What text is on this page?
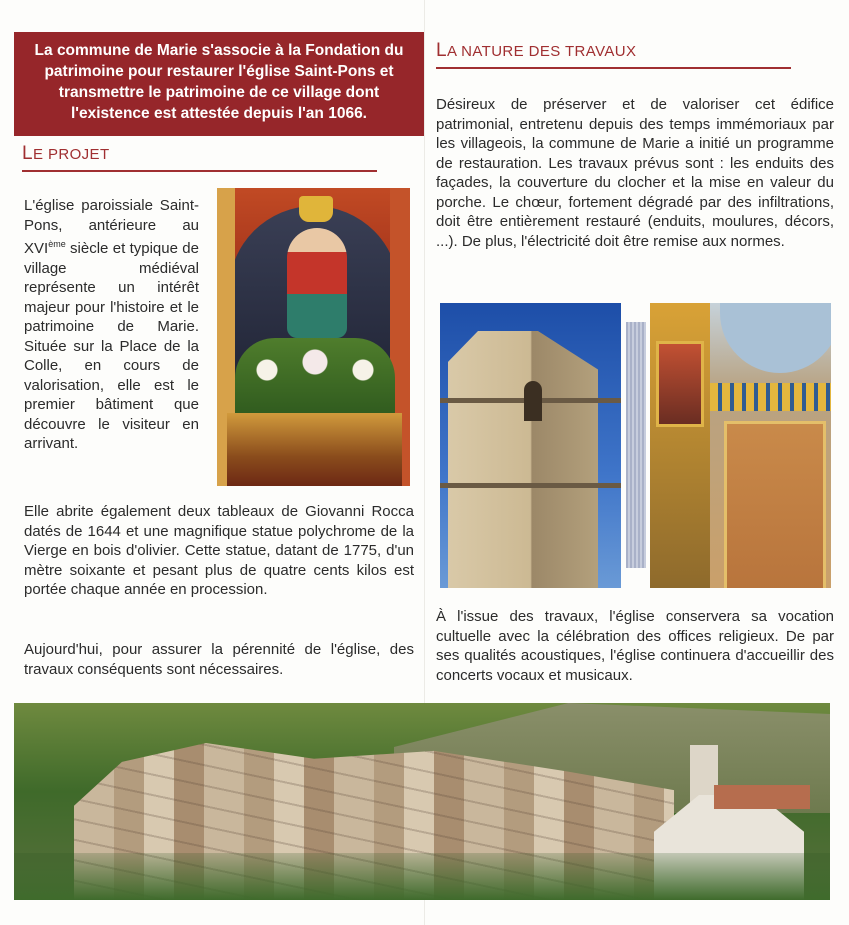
La commune de Marie s'associe à la Fondation du patrimoine pour restaurer l'église Saint-Pons et transmettre le patrimoine de ce village dont l'existence est attestée depuis l'an 1066.
LE PROJET

L'église paroissiale Saint-Pons, antérieure au XVIème siècle et typique de village médiéval représente un intérêt majeur pour l'histoire et le patrimoine de Marie. Située sur la Place de la Colle, en cours de valorisation, elle est le premier bâtiment que découvre le visiteur en arrivant.

Elle abrite également deux tableaux de Giovanni Rocca datés de 1644 et une magnifique statue polychrome de la Vierge en bois d'olivier. Cette statue, datant de 1775, d'un mètre soixante et pesant plus de quatre cents kilos est portée chaque année en procession.

Aujourd'hui, pour assurer la pérennité de l'église, des travaux conséquents sont nécessaires.

LA NATURE DES TRAVAUX

Désireux de préserver et de valoriser cet édifice patrimonial, entretenu depuis des temps immémoriaux par les villageois, la commune de Marie a initié un programme de restauration. Les travaux prévus sont : les enduits des façades, la couverture du clocher et la mise en valeur du porche. Le chœur, fortement dégradé par des infiltrations, doit être entièrement restauré (enduits, moulures, décors, ...). De plus, l'électricité doit être remise aux normes.

À l'issue des travaux, l'église conservera sa vocation cultuelle avec la célébration des offices religieux. De par ses qualités acoustiques, l'église continuera d'accueillir des concerts vocaux et musicaux.
